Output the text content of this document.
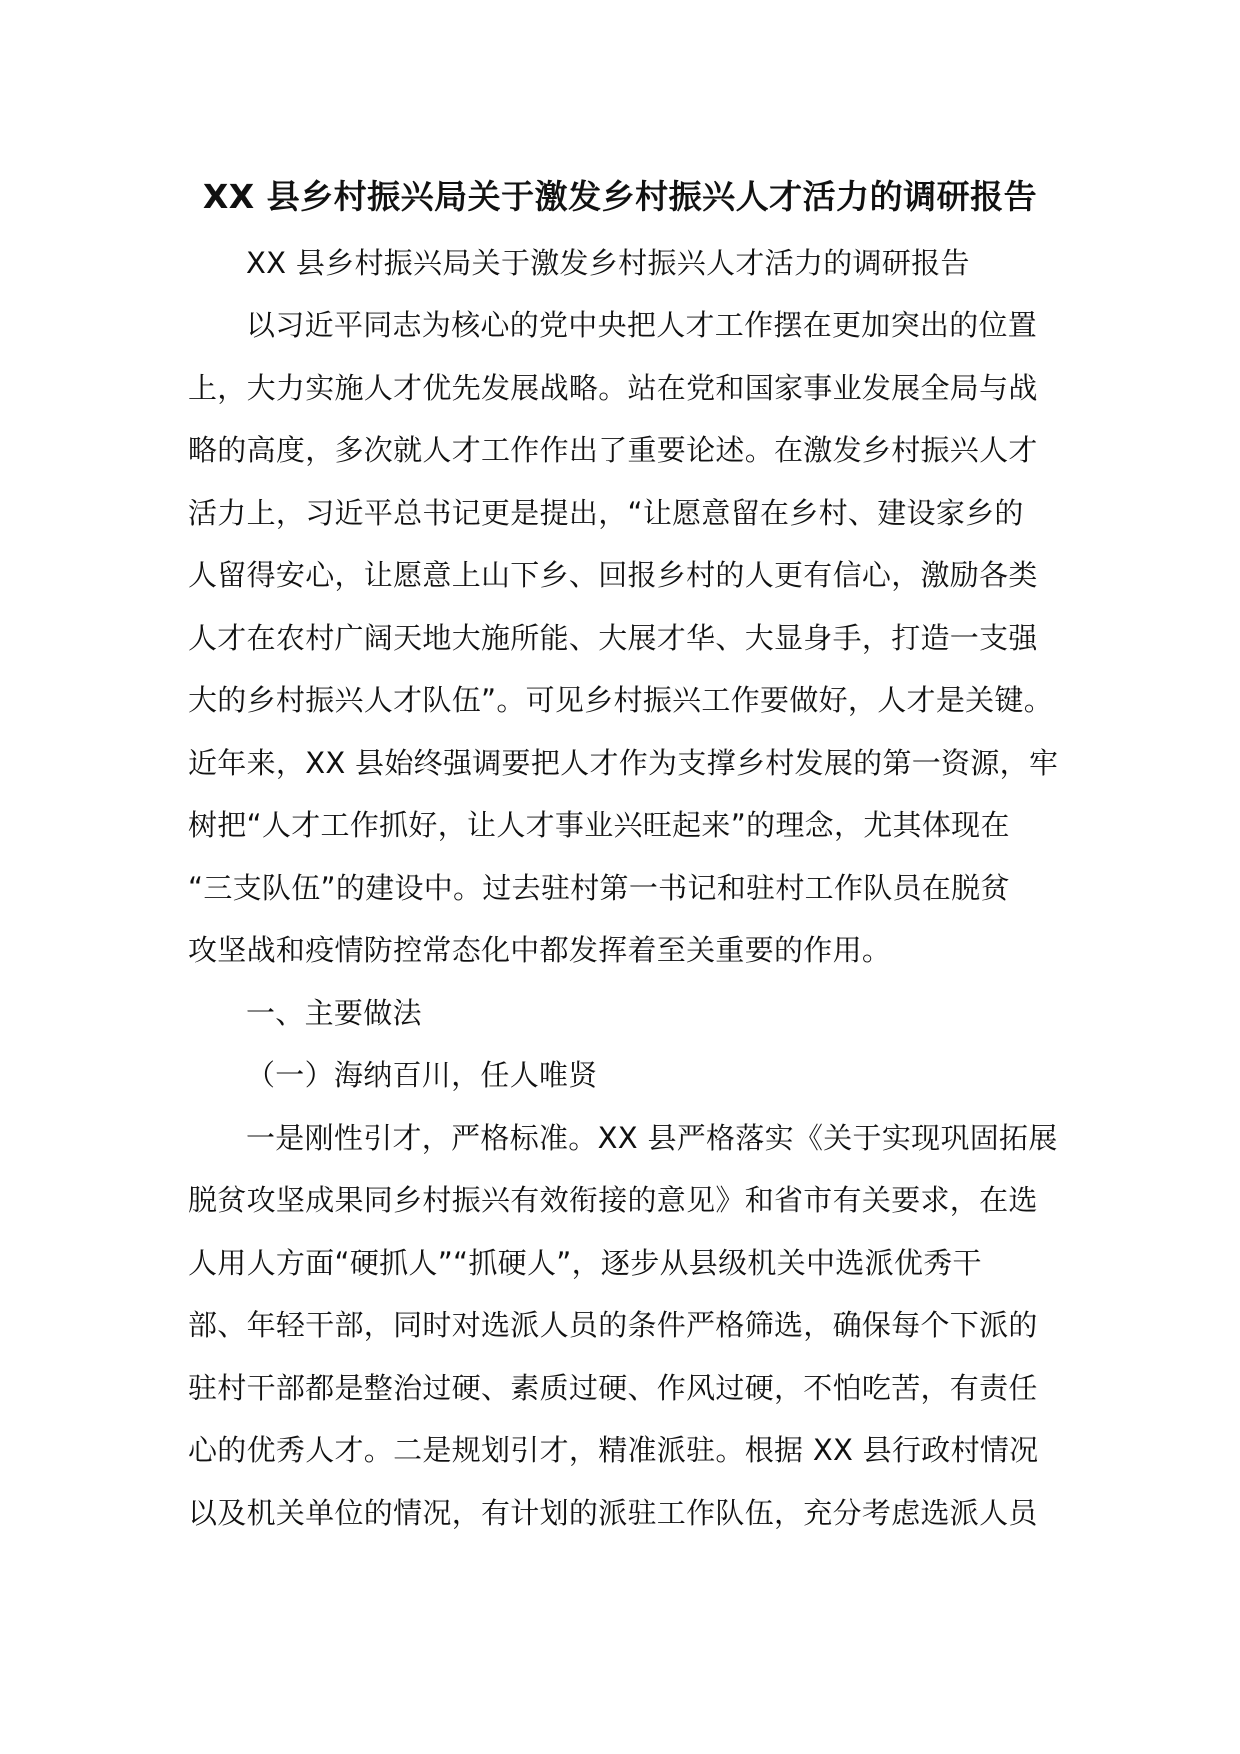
XX 县乡村振兴局关于激发乡村振兴人才活力的调研报告
XX 县乡村振兴局关于激发乡村振兴人才活力的调研报告
以习近平同志为核心的党中央把人才工作摆在更加突出的位置
上，大力实施人才优先发展战略。站在党和国家事业发展全局与战
略的高度，多次就人才工作作出了重要论述。在激发乡村振兴人才
活力上，习近平总书记更是提出，“让愿意留在乡村、建设家乡的
人留得安心，让愿意上山下乡、回报乡村的人更有信心，激励各类
人才在农村广阔天地大施所能、大展才华、大显身手，打造一支强
大的乡村振兴人才队伍”。可见乡村振兴工作要做好，人才是关键。
近年来，XX 县始终强调要把人才作为支撑乡村发展的第一资源，牢
树把“人才工作抓好，让人才事业兴旺起来”的理念，尤其体现在
“三支队伍”的建设中。过去驻村第一书记和驻村工作队员在脱贫
攻坚战和疫情防控常态化中都发挥着至关重要的作用。
一、主要做法
（一）海纳百川，任人唯贤
一是刚性引才，严格标准。XX 县严格落实《关于实现巩固拓展
脱贫攻坚成果同乡村振兴有效衔接的意见》和省市有关要求，在选
人用人方面“硬抓人”“抓硬人”，逐步从县级机关中选派优秀干
部、年轻干部，同时对选派人员的条件严格筛选，确保每个下派的
驻村干部都是整治过硬、素质过硬、作风过硬，不怕吃苦，有责任
心的优秀人才。二是规划引才，精准派驻。根据 XX 县行政村情况
以及机关单位的情况，有计划的派驻工作队伍，充分考虑选派人员
